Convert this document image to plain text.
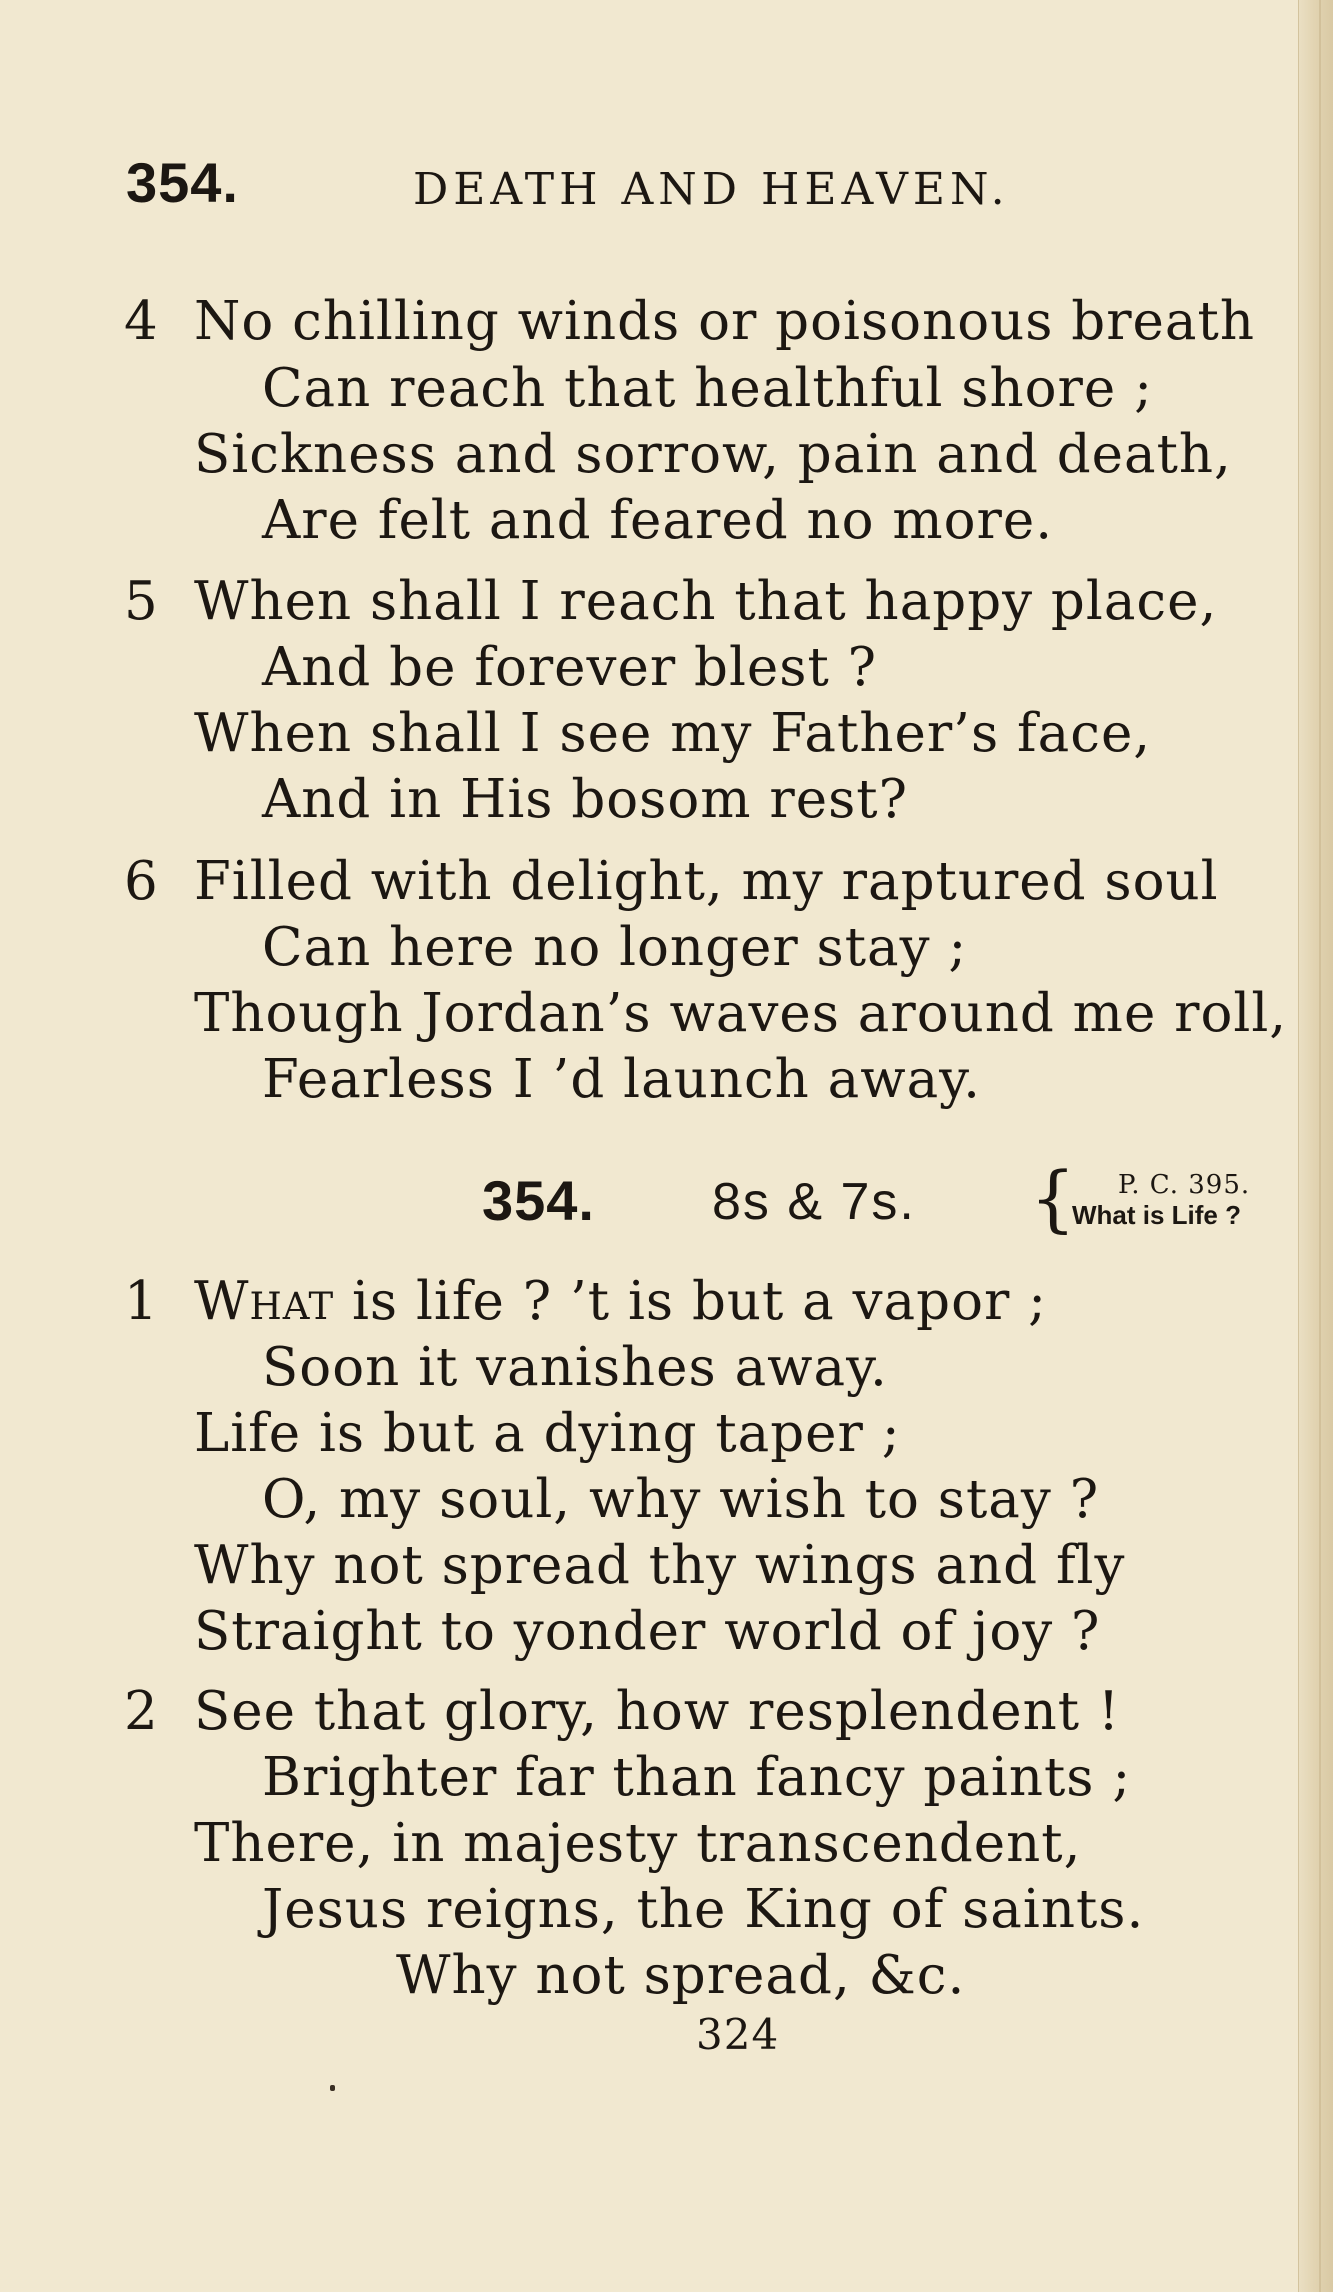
354.	DEATH AND HEAVEN.
4 No chilling winds or poisonous breath
Can reach that healthful shore ;
Sickness and sorrow, pain and death,
Are felt and feared no more.
5 When shall I reach that happy place,
And be forever blest ?
When shall I see my Father’s face,
And in His bosom rest?
6 Filled with delight, my raptured soul
Can here no longer stay ;
Though Jordan’s waves around me roll,
Fearless I ’d launch away.
354. 8s & 7s. { P. C. 395.
What is Life ?
1 What is life ? ’t is but a vapor ;
Soon it vanishes away.
Life is but a dying taper ;
O, my soul, why wish to stay ?
Why not spread thy wings and fly
Straight to yonder world of joy ?
2 See that glory, how resplendent !
Brighter far than fancy paints ;
There, in majesty transcendent,
Jesus reigns, the King of saints.
Why not spread, &c.
324
